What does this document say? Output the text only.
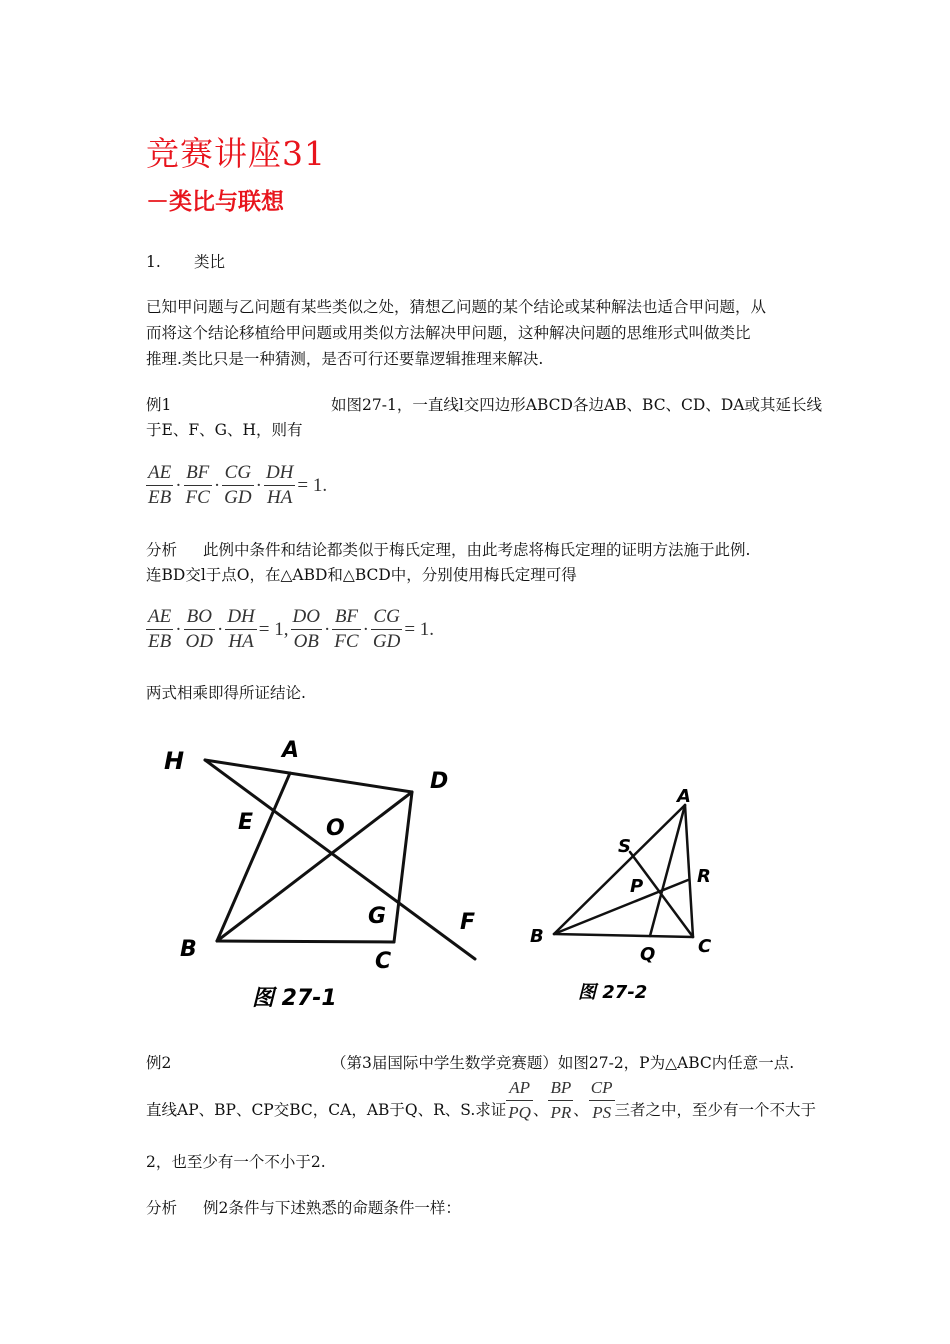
竞赛讲座31
－类比与联想
1. 类比
已知甲问题与乙问题有某些类似之处，猜想乙问题的某个结论或某种解法也适合甲问题，从
而将这个结论移植给甲问题或用类似方法解决甲问题，这种解决问题的思维形式叫做类比
推理.类比只是一种猜测，是否可行还要靠逻辑推理来解决.
例1	如图27-1，一直线l交四边形ABCD各边AB、BC、CD、DA或其延长线
于E、F、G、H，则有
$\frac{AE}{EB} \cdot \frac{BF}{FC} \cdot \frac{CG}{GD} \cdot \frac{DH}{HA} = 1$.
分析 此例中条件和结论都类似于梅氏定理，由此考虑将梅氏定理的证明方法施于此例.
连BD交l于点O，在△ABD和△BCD中，分别使用梅氏定理可得
$\frac{AE}{EB} \cdot \frac{BO}{OD} \cdot \frac{DH}{HA} = 1$, $\frac{DO}{OB} \cdot \frac{BF}{FC} \cdot \frac{CG}{GD} = 1$.
两式相乘即得所证结论.
H	A
D
E	O
G	F
B	C
图 27-1
A
S
R
P
B
Q C
图 27-2
例2	（第3届国际中学生数学竞赛题）如图27-2，P为△ABC内任意一点.
直线AP、BP、CP交BC，CA，AB于Q、R、S.求证 $\frac{AP}{PQ}$ 、 $\frac{BP}{PR}$ 、 $\frac{CP}{PS}$ 三者之中，至少有一个不大于
2，也至少有一个不小于2.
分析 例2条件与下述熟悉的命题条件一样：
